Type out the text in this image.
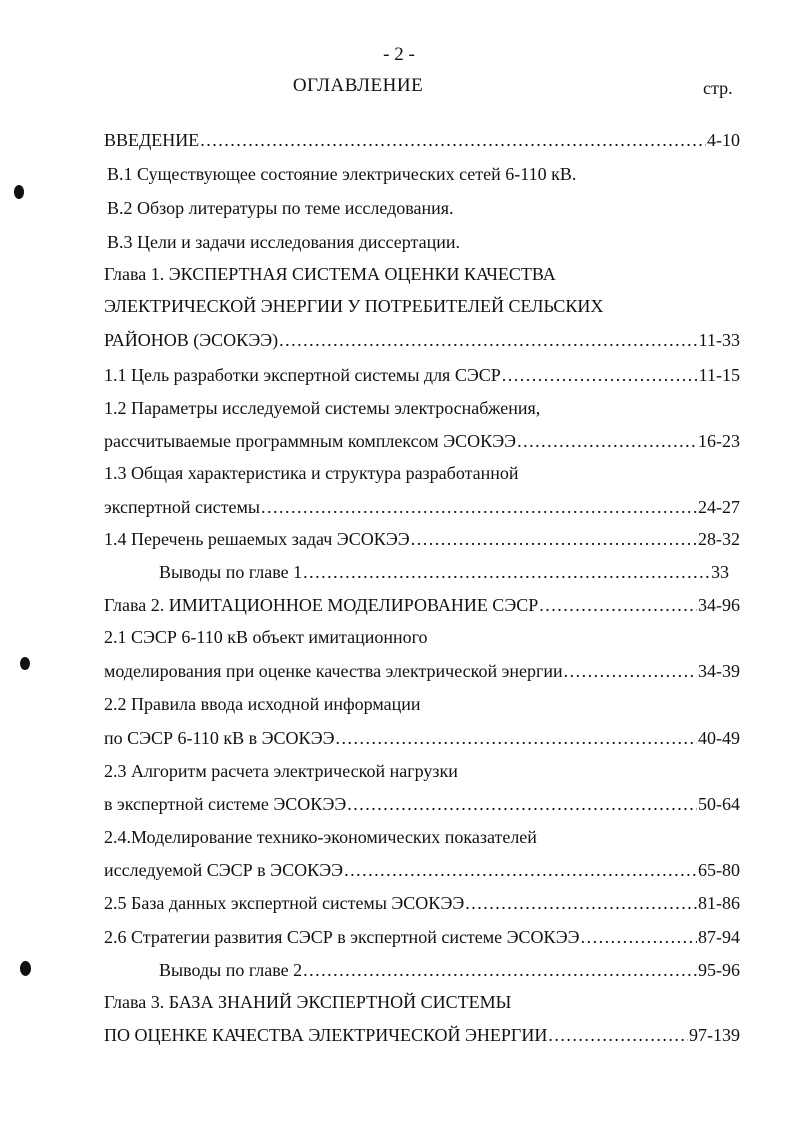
- 2 -
ОГЛАВЛЕНИЕ	стр.
ВВЕДЕНИЕ .....	4-10
В.1 Существующее состояние электрических сетей 6-110 кВ.
В.2 Обзор литературы по теме исследования.
В.3 Цели и задачи исследования диссертации.
Глава 1. ЭКСПЕРТНАЯ СИСТЕМА ОЦЕНКИ КАЧЕСТВА
ЭЛЕКТРИЧЕСКОЙ ЭНЕРГИИ У ПОТРЕБИТЕЛЕЙ СЕЛЬСКИХ
РАЙОНОВ (ЭСОКЭЭ) .....	11-33
1.1 Цель разработки экспертной системы для СЭСР .....	11-15
1.2 Параметры исследуемой системы электроснабжения,
рассчитываемые программным комплексом ЭСОКЭЭ .....	16-23
1.3 Общая характеристика и структура разработанной
экспертной системы .....	24-27
1.4 Перечень решаемых задач ЭСОКЭЭ .....	28-32
Выводы по главе 1 .....	33
Глава 2. ИМИТАЦИОННОЕ МОДЕЛИРОВАНИЕ СЭСР .....	34-96
2.1 СЭСР 6-110 кВ объект имитационного
моделирования при оценке качества электрической энергии .....	34-39
2.2 Правила ввода исходной информации
по СЭСР 6-110 кВ в ЭСОКЭЭ .....	40-49
2.3 Алгоритм расчета электрической нагрузки
в экспертной системе ЭСОКЭЭ .....	50-64
2.4.Моделирование технико-экономических показателей
исследуемой СЭСР в ЭСОКЭЭ .....	65-80
2.5 База данных экспертной системы ЭСОКЭЭ .....	81-86
2.6 Стратегии развития СЭСР в экспертной системе ЭСОКЭЭ .....	87-94
Выводы по главе 2 .....	95-96
Глава 3. БАЗА ЗНАНИЙ ЭКСПЕРТНОЙ СИСТЕМЫ
ПО ОЦЕНКЕ КАЧЕСТВА ЭЛЕКТРИЧЕСКОЙ ЭНЕРГИИ .....	97-139
